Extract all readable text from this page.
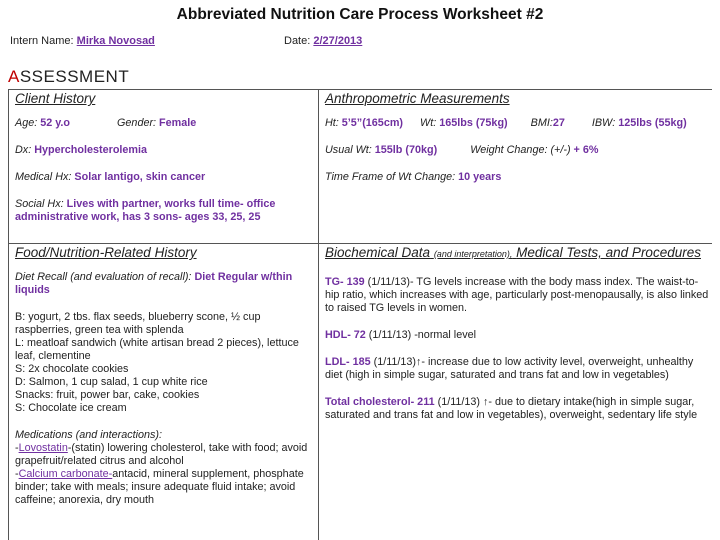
Abbreviated Nutrition Care Process Worksheet #2
Intern Name: Mirka Novosad	Date: 2/27/2013
ASSESSMENT

Client History

Age: 52 y.o	Gender: Female

Dx: Hypercholesterolemia

Medical Hx: Solar lantigo, skin cancer

Social Hx: Lives with partner, works full time- office administrative work, has 3 sons- ages 33, 25, 25

Anthropometric Measurements

Ht: 5’5”(165cm) Wt: 165lbs (75kg) BMI:27	IBW: 125lbs (55kg)

Usual Wt: 155lb (70kg)	Weight Change: (+/-) + 6%

Time Frame of Wt Change: 10 years

Food/Nutrition-Related History

Diet Recall (and evaluation of recall): Diet Regular w/thin liquids

B: yogurt, 2 tbs. flax seeds, blueberry scone, ½ cup raspberries, green tea with splenda

L: meatloaf sandwich (white artisan bread 2 pieces), lettuce leaf, clementine

S: 2x chocolate cookies

D: Salmon, 1 cup salad, 1 cup white rice

Snacks: fruit, power bar, cake, cookies

S: Chocolate ice cream

Medications (and interactions):

-Lovostatin-(statin) lowering cholesterol, take with food; avoid grapefruit/related citrus and alcohol

-Calcium carbonate-antacid, mineral supplement, phosphate binder; take with meals; insure adequate fluid intake; avoid caffeine; anorexia, dry mouth

Biochemical Data (and interpretation), Medical Tests, and Procedures

TG- 139 (1/11/13)- TG levels increase with the body mass index. The waist-to-hip ratio, which increases with age, particularly post-menopausally, is also linked to raised TG levels in women.

HDL- 72 (1/11/13) -normal level

LDL- 185 (1/11/13)↑- increase due to low activity level, overweight, unhealthy diet (high in simple sugar, saturated and trans fat and low in vegetables)

Total cholesterol- 211 (1/11/13) ↑- due to dietary intake(high in simple sugar, saturated and trans fat and low in vegetables), overweight, sedentary life style
